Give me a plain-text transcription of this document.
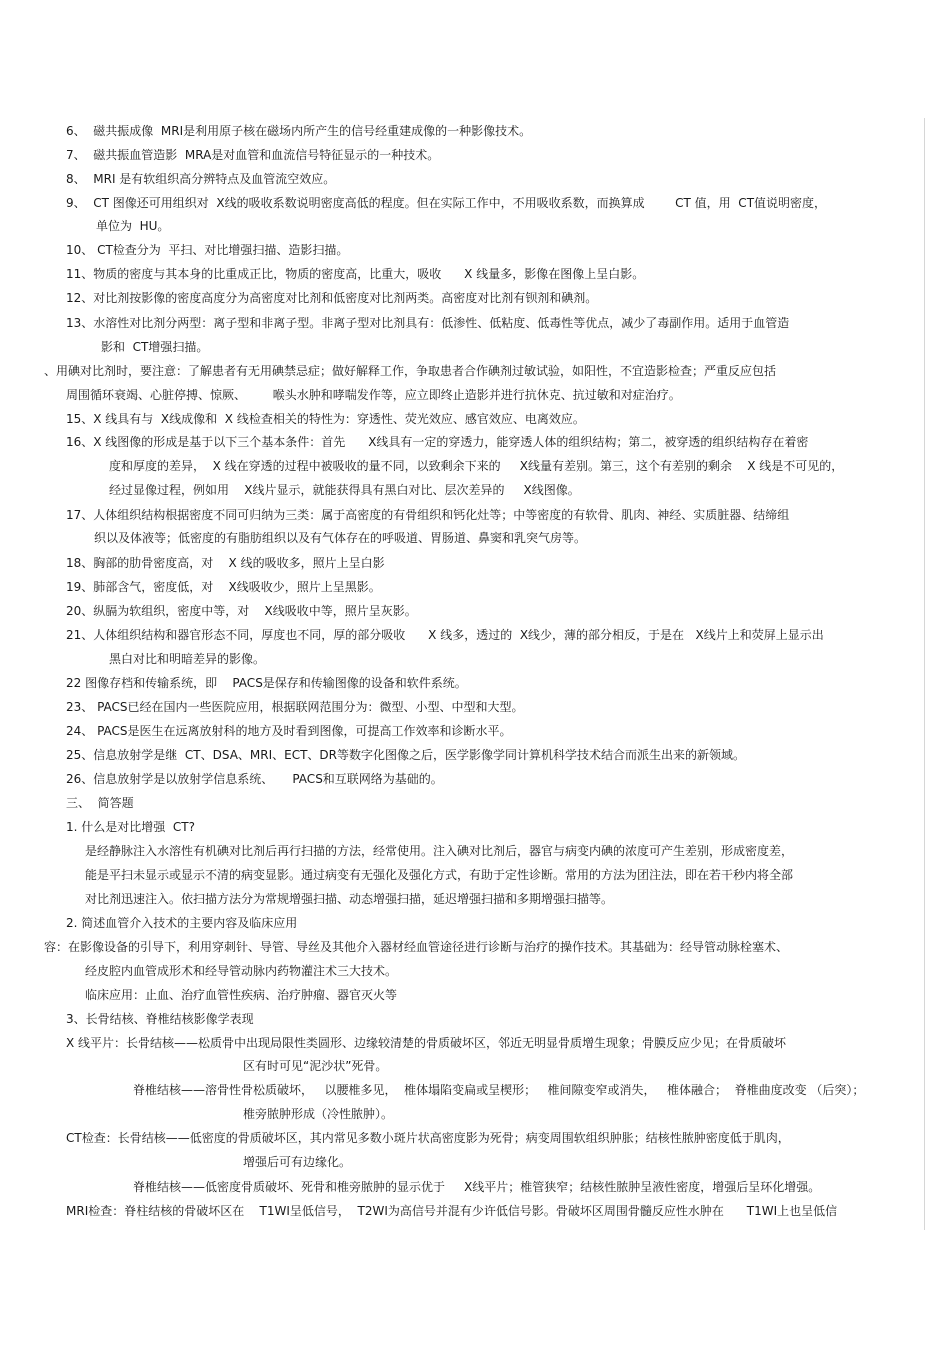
6、  磁共振成像  MRI是利用原子核在磁场内所产生的信号经重建成像的一种影像技术。
7、  磁共振血管造影  MRA是对血管和血流信号特征显示的一种技术。
8、  MRI 是有软组织高分辨特点及血管流空效应。
9、  CT 图像还可用组织对  X线的吸收系数说明密度高低的程度。但在实际工作中，不用吸收系数，而换算成        CT 值，用  CT值说明密度，
单位为  HU。
10、 CT检查分为  平扫、对比增强扫描、造影扫描。
11、物质的密度与其本身的比重成正比，物质的密度高，比重大，吸收      X 线量多，影像在图像上呈白影。
12、对比剂按影像的密度高度分为高密度对比剂和低密度对比剂两类。高密度对比剂有钡剂和碘剂。
13、水溶性对比剂分两型：离子型和非离子型。非离子型对比剂具有：低渗性、低粘度、低毒性等优点，减少了毒副作用。适用于血管造
影和  CT增强扫描。
、用碘对比剂时，要注意：了解患者有无用碘禁忌症；做好解释工作，争取患者合作碘剂过敏试验，如阳性，不宜造影检查；严重反应包括
周围循环衰竭、心脏停搏、惊厥、       喉头水肿和哮喘发作等，应立即终止造影并进行抗休克、抗过敏和对症治疗。
15、X 线具有与  X线成像和  X 线检查相关的特性为：穿透性、荧光效应、感官效应、电离效应。
16、X 线图像的形成是基于以下三个基本条件：首先      X线具有一定的穿透力，能穿透人体的组织结构；第二，被穿透的组织结构存在着密
度和厚度的差异，  X 线在穿透的过程中被吸收的量不同，以致剩余下来的     X线量有差别。第三，这个有差别的剩余    X 线是不可见的，
经过显像过程，例如用    X线片显示，就能获得具有黑白对比、层次差异的     X线图像。
17、人体组织结构根据密度不同可归纳为三类：属于高密度的有骨组织和钙化灶等；中等密度的有软骨、肌肉、神经、实质脏器、结缔组
织以及体液等；低密度的有脂肪组织以及有气体存在的呼吸道、胃肠道、鼻窦和乳突气房等。
18、胸部的肋骨密度高，对    X 线的吸收多，照片上呈白影
19、肺部含气，密度低，对    X线吸收少，照片上呈黑影。
20、纵膈为软组织，密度中等，对    X线吸收中等，照片呈灰影。
21、人体组织结构和器官形态不同，厚度也不同，厚的部分吸收      X 线多，透过的  X线少，薄的部分相反，于是在   X线片上和荧屏上显示出
黑白对比和明暗差异的影像。
22 图像存档和传输系统，即    PACS是保存和传输图像的设备和软件系统。
23、 PACS已经在国内一些医院应用，根据联网范围分为：微型、小型、中型和大型。
24、 PACS是医生在远离放射科的地方及时看到图像，可提高工作效率和诊断水平。
25、信息放射学是继  CT、DSA、MRI、ECT、DR等数字化图像之后，医学影像学同计算机科学技术结合而派生出来的新领域。
26、信息放射学是以放射学信息系统、     PACS和互联网络为基础的。
三、  简答题
1. 什么是对比增强  CT?
是经静脉注入水溶性有机碘对比剂后再行扫描的方法，经常使用。注入碘对比剂后，器官与病变内碘的浓度可产生差别，形成密度差，
能是平扫未显示或显示不清的病变显影。通过病变有无强化及强化方式，有助于定性诊断。常用的方法为团注法，即在若干秒内将全部
对比剂迅速注入。依扫描方法分为常规增强扫描、动态增强扫描，延迟增强扫描和多期增强扫描等。
2. 简述血管介入技术的主要内容及临床应用
容：在影像设备的引导下，利用穿刺针、导管、导丝及其他介入器材经血管途径进行诊断与治疗的操作技术。其基础为：经导管动脉栓塞术、
经皮腔内血管成形术和经导管动脉内药物灌注术三大技术。
临床应用：止血、治疗血管性疾病、治疗肿瘤、器官灭火等
3、长骨结核、脊椎结核影像学表现
X 线平片：长骨结核——松质骨中出现局限性类圆形、边缘较清楚的骨质破坏区，邻近无明显骨质增生现象；骨膜反应少见；在骨质破坏
区有时可见“泥沙状”死骨。
脊椎结核——溶骨性骨松质破坏，   以腰椎多见，  椎体塌陷变扁或呈楔形；   椎间隙变窄或消失，   椎体融合；  脊椎曲度改变 （后突）；
椎旁脓肿形成（冷性脓肿）。
CT检查：长骨结核——低密度的骨质破坏区，其内常见多数小斑片状高密度影为死骨；病变周围软组织肿胀；结核性脓肿密度低于肌肉，
增强后可有边缘化。
脊椎结核——低密度骨质破坏、死骨和椎旁脓肿的显示优于     X线平片；椎管狭窄；结核性脓肿呈液性密度，增强后呈环化增强。
MRI检查：脊柱结核的骨破坏区在    T1WI呈低信号，  T2WI为高信号并混有少许低信号影。骨破坏区周围骨髓反应性水肿在      T1WI上也呈低信
